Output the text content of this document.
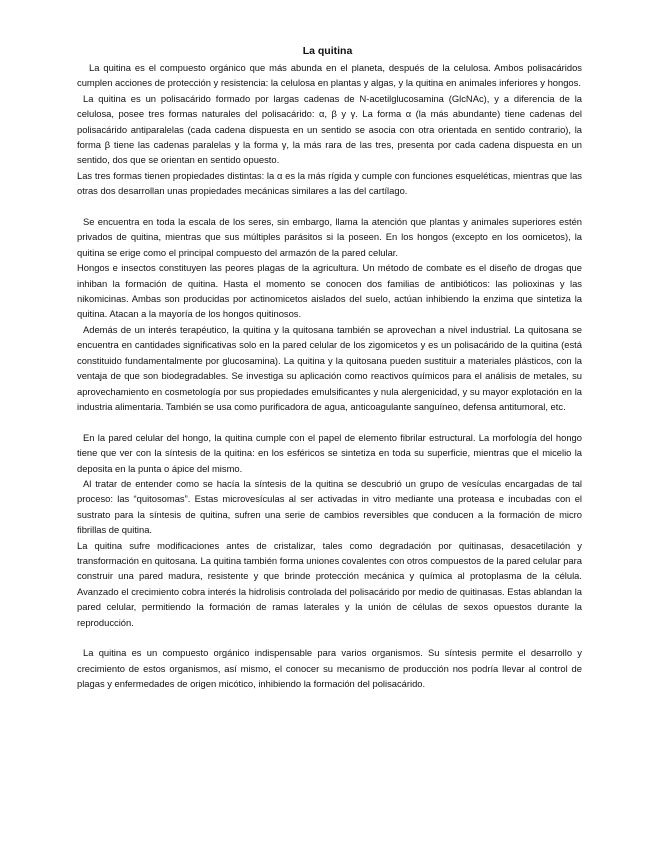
La quitina

La quitina es el compuesto orgánico que más abunda en el planeta, después de la celulosa. Ambos polisacáridos cumplen acciones de protección y resistencia: la celulosa en plantas y algas, y la quitina en animales inferiores y hongos.

La quitina es un polisacárido formado por largas cadenas de N-acetilglucosamina (GlcNAc), y a diferencia de la celulosa, posee tres formas naturales del polisacárido: α, β y γ. La forma α (la más abundante) tiene cadenas del polisacárido antiparalelas (cada cadena dispuesta en un sentido se asocia con otra orientada en sentido contrario), la forma β tiene las cadenas paralelas y la forma γ, la más rara de las tres, presenta por cada cadena dispuesta en un sentido, dos que se orientan en sentido opuesto.

Las tres formas tienen propiedades distintas: la α es la más rígida y cumple con funciones esqueléticas, mientras que las otras dos desarrollan unas propiedades mecánicas similares a las del cartílago.

Se encuentra en toda la escala de los seres, sin embargo, llama la atención que plantas y animales superiores estén privados de quitina, mientras que sus múltiples parásitos si la poseen. En los hongos (excepto en los oomicetos), la quitina se erige como el principal compuesto del armazón de la pared celular.

Hongos e insectos constituyen las peores plagas de la agricultura. Un método de combate es el diseño de drogas que inhiban la formación de quitina. Hasta el momento se conocen dos familias de antibióticos: las polioxinas y las nikomicinas. Ambas son producidas por actinomicetos aislados del suelo, actúan inhibiendo la enzima que sintetiza la quitina. Atacan a la mayoría de los hongos quitinosos.

Además de un interés terapéutico, la quitina y la quitosana también se aprovechan a nivel industrial. La quitosana se encuentra en cantidades significativas solo en la pared celular de los zigomicetos y es un polisacárido de la quitina (está constituido fundamentalmente por glucosamina). La quitina y la quitosana pueden sustituir a materiales plásticos, con la ventaja de que son biodegradables. Se investiga su aplicación como reactivos químicos para el análisis de metales, su aprovechamiento en cosmetología por sus propiedades emulsificantes y nula alergenicidad, y su mayor explotación en la industria alimentaria. También se usa como purificadora de agua, anticoagulante sanguíneo, defensa antitumoral, etc.

En la pared celular del hongo, la quitina cumple con el papel de elemento fibrilar estructural. La morfología del hongo tiene que ver con la síntesis de la quitina: en los esféricos se sintetiza en toda su superficie, mientras que el micelio la deposita en la punta o ápice del mismo.

Al tratar de entender como se hacía la síntesis de la quitina se descubrió un grupo de vesículas encargadas de tal proceso: las “quitosomas”. Estas microvesículas al ser activadas in vitro mediante una proteasa e incubadas con el sustrato para la síntesis de quitina, sufren una serie de cambios reversibles que conducen a la formación de micro fibrillas de quitina.

La quitina sufre modificaciones antes de cristalizar, tales como degradación por quitinasas, desacetilación y transformación en quitosana. La quitina también forma uniones covalentes con otros compuestos de la pared celular para construir una pared madura, resistente y que brinde protección mecánica y química al protoplasma de la célula. Avanzado el crecimiento cobra interés la hidrolisis controlada del polisacárido por medio de quitinasas. Estas ablandan la pared celular, permitiendo la formación de ramas laterales y la unión de células de sexos opuestos durante la reproducción.

La quitina es un compuesto orgánico indispensable para varios organismos. Su síntesis permite el desarrollo y crecimiento de estos organismos, así mismo, el conocer su mecanismo de producción nos podría llevar al control de plagas y enfermedades de origen micótico, inhibiendo la formación del polisacárido.
